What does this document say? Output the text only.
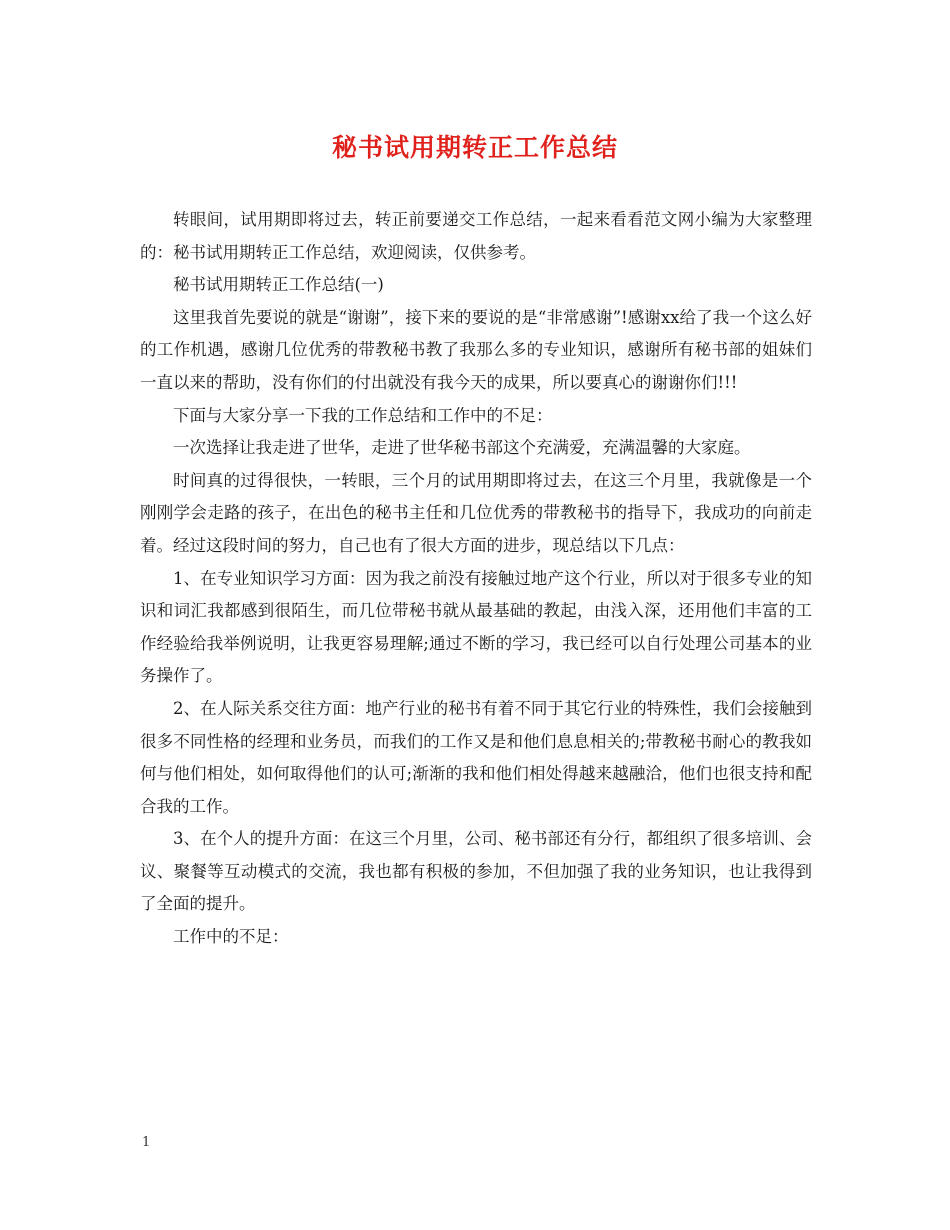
秘书试用期转正工作总结

转眼间，试用期即将过去，转正前要递交工作总结，一起来看看范文网小编为大家整理的：秘书试用期转正工作总结，欢迎阅读，仅供参考。

秘书试用期转正工作总结(一)

这里我首先要说的就是“谢谢”，接下来的要说的是“非常感谢”!感谢xx给了我一个这么好的工作机遇，感谢几位优秀的带教秘书教了我那么多的专业知识，感谢所有秘书部的姐妹们一直以来的帮助，没有你们的付出就没有我今天的成果，所以要真心的谢谢你们!!!

下面与大家分享一下我的工作总结和工作中的不足：

一次选择让我走进了世华，走进了世华秘书部这个充满爱，充满温馨的大家庭。

时间真的过得很快，一转眼，三个月的试用期即将过去，在这三个月里，我就像是一个刚刚学会走路的孩子，在出色的秘书主任和几位优秀的带教秘书的指导下，我成功的向前走着。经过这段时间的努力，自己也有了很大方面的进步，现总结以下几点：

1、在专业知识学习方面：因为我之前没有接触过地产这个行业，所以对于很多专业的知识和词汇我都感到很陌生，而几位带秘书就从最基础的教起，由浅入深，还用他们丰富的工作经验给我举例说明，让我更容易理解;通过不断的学习，我已经可以自行处理公司基本的业务操作了。

2、在人际关系交往方面：地产行业的秘书有着不同于其它行业的特殊性，我们会接触到很多不同性格的经理和业务员，而我们的工作又是和他们息息相关的;带教秘书耐心的教我如何与他们相处，如何取得他们的认可;渐渐的我和他们相处得越来越融洽，他们也很支持和配合我的工作。

3、在个人的提升方面：在这三个月里，公司、秘书部还有分行，都组织了很多培训、会议、聚餐等互动模式的交流，我也都有积极的参加，不但加强了我的业务知识，也让我得到了全面的提升。

工作中的不足：

1
